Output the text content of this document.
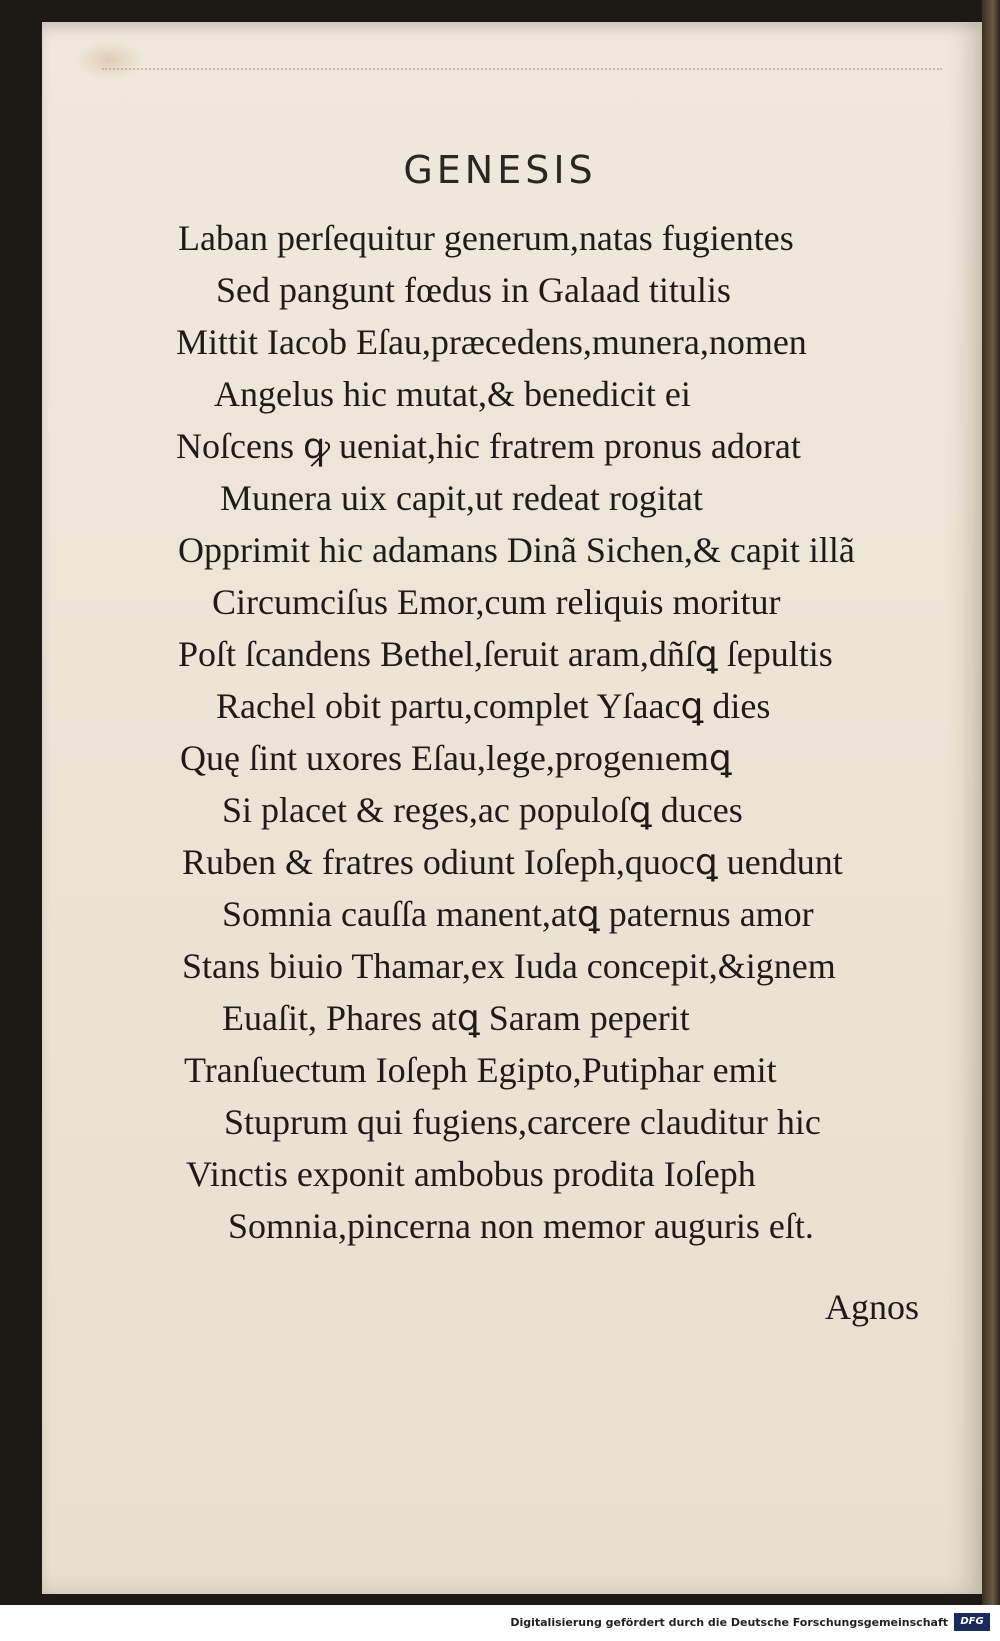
GENESIS
Laban perſequitur generum,natas fugientes
Sed pangunt fœdus in Galaad titulis
Mittit Iacob Eſau,præcedens,munera,nomen
Angelus hic mutat,& benedicit ei
Noſcens ꝙ ueniat,hic fratrem pronus adorat
Munera uix capit,ut redeat rogitat
Opprimit hic adamans Dinã Sichen,& capit illã
Circumciſus Emor,cum reliquis moritur
Poſt ſcandens Bethel,ſeruit aram,dñſꝗ ſepultis
Rachel obit partu,complet Yſaacꝗ dies
Quę ſint uxores Eſau,lege,progenıemꝗ
Si placet & reges,ac populoſꝗ duces
Ruben & fratres odiunt Ioſeph,quocꝗ uendunt
Somnia cauſſa manent,atꝗ paternus amor
Stans biuio Thamar,ex Iuda concepit,&ignem
Euaſit, Phares atꝗ Saram peperit
Tranſuectum Ioſeph Egipto,Putiphar emit
Stuprum qui fugiens,carcere clauditur hic
Vinctis exponit ambobus prodita Ioſeph
Somnia,pincerna non memor auguris eſt.
Agnos
Digitalisierung gefördert durch die Deutsche Forschungsgemeinschaft	DFG
